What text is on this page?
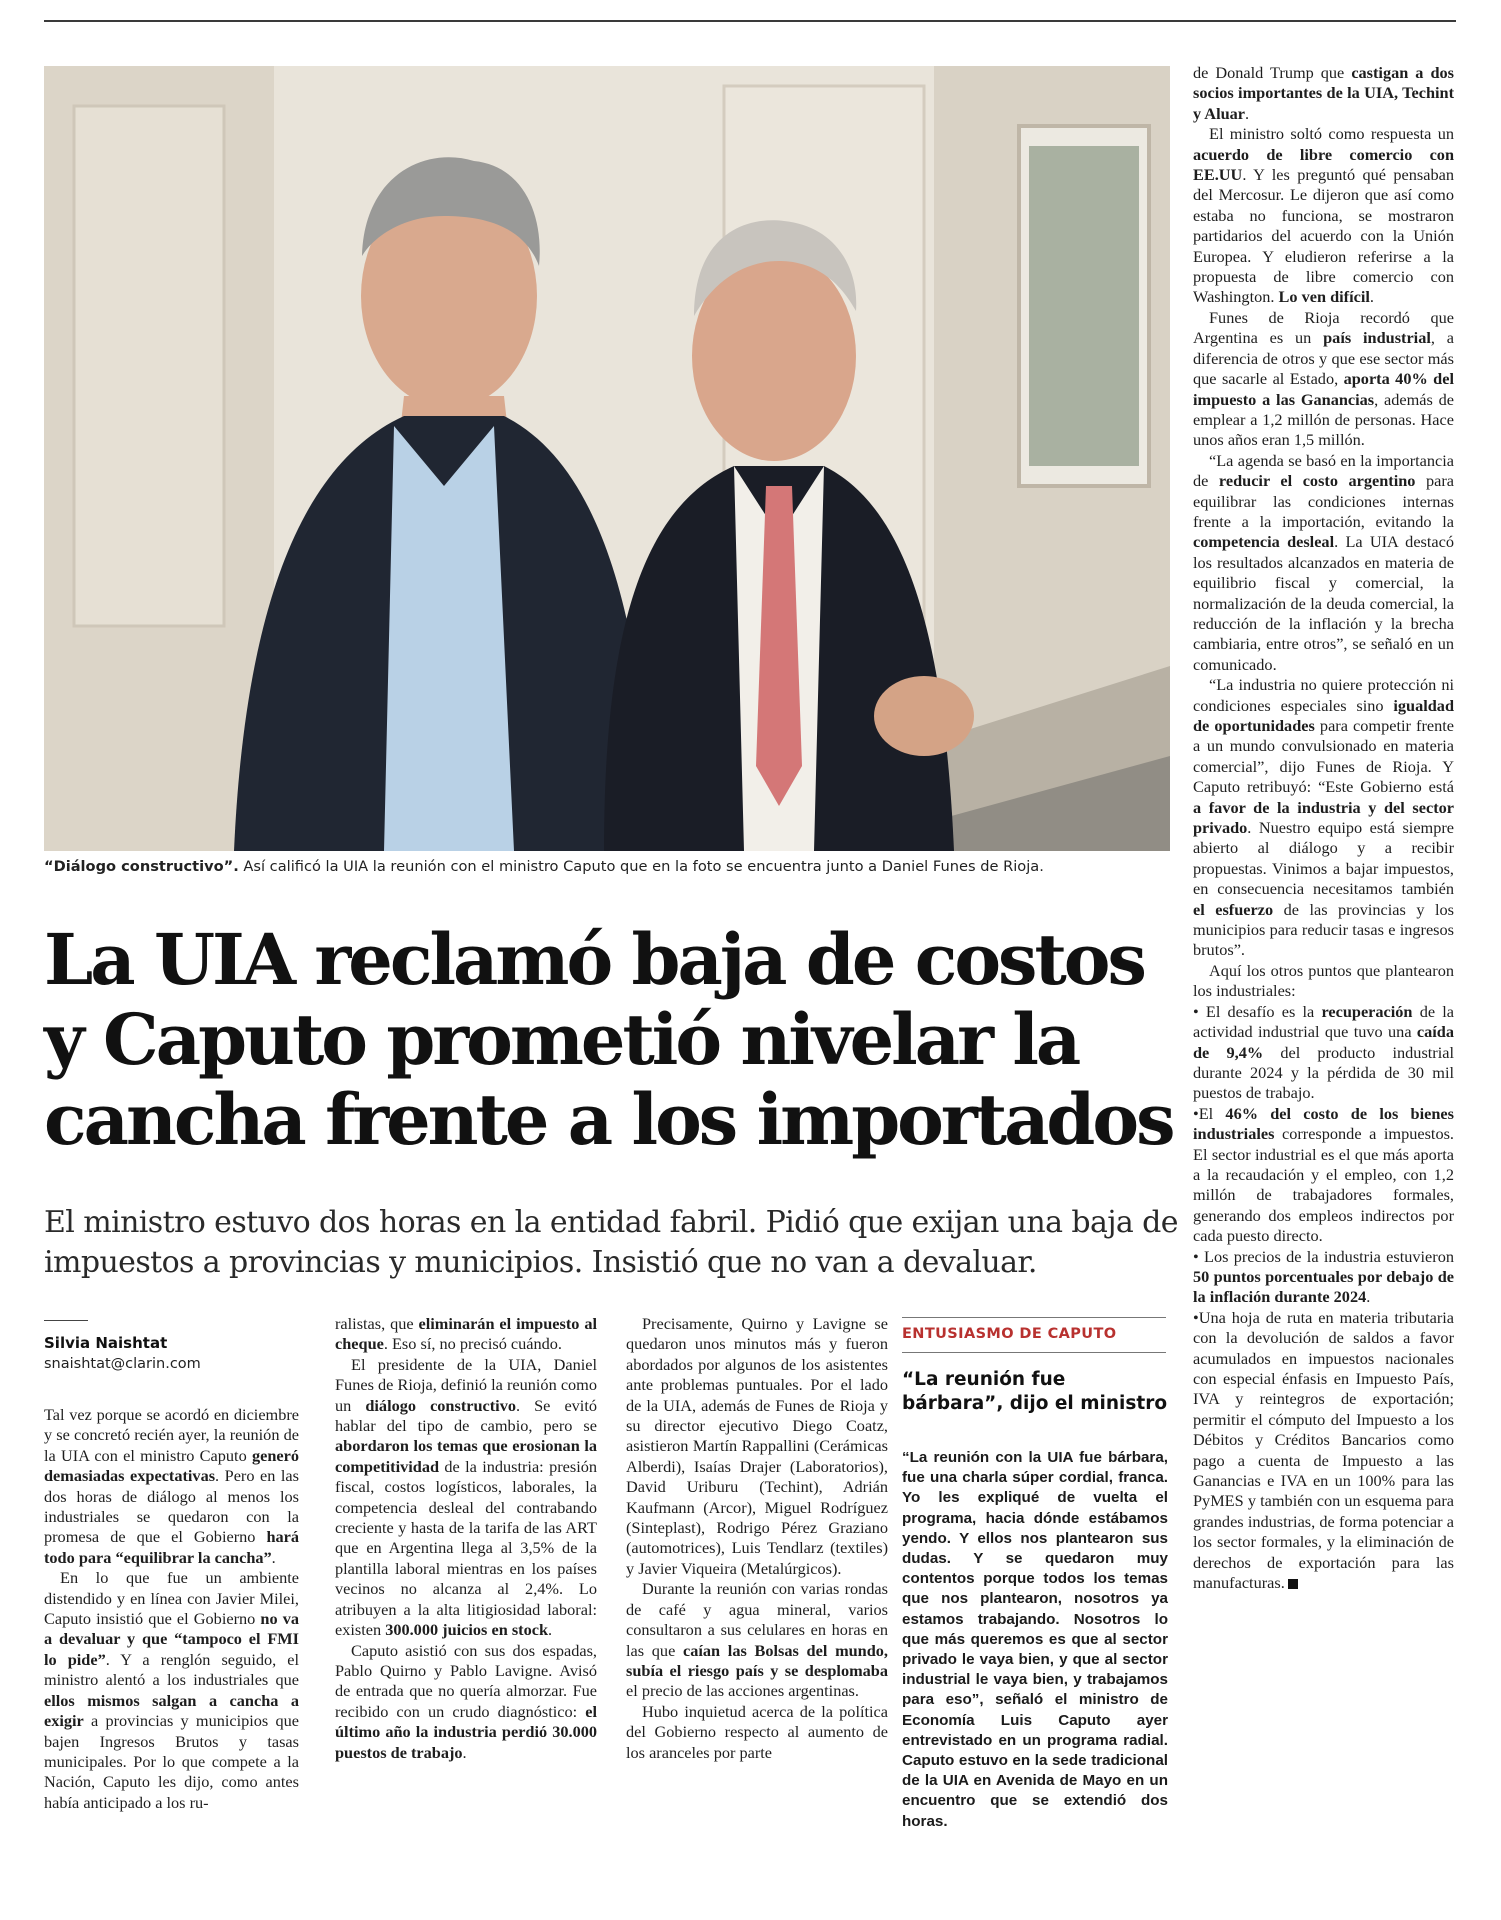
“Diálogo constructivo”. Así calificó la UIA la reunión con el ministro Caputo que en la foto se encuentra junto a Daniel Funes de Rioja.
La UIA reclamó baja de costos
y Caputo prometió nivelar la
cancha frente a los importados
El ministro estuvo dos horas en la entidad fabril. Pidió que exijan una baja de
impuestos a provincias y municipios. Insistió que no van a devaluar.
Silvia Naishtat
snaishtat@clarin.com

Tal vez porque se acordó en diciembre y se concretó recién ayer, la reunión de la UIA con el ministro Caputo generó demasiadas expectativas. Pero en las dos horas de diálogo al menos los industriales se quedaron con la promesa de que el Gobierno hará todo para “equilibrar la cancha”.

En lo que fue un ambiente distendido y en línea con Javier Milei, Caputo insistió que el Gobierno no va a devaluar y que “tampoco el FMI lo pide”. Y a renglón seguido, el ministro alentó a los industriales que ellos mismos salgan a cancha a exigir a provincias y municipios que bajen Ingresos Brutos y tasas municipales. Por lo que compete a la Nación, Caputo les dijo, como antes había anticipado a los ru-

ralistas, que eliminarán el impuesto al cheque. Eso sí, no precisó cuándo.

El presidente de la UIA, Daniel Funes de Rioja, definió la reunión como un diálogo constructivo. Se evitó hablar del tipo de cambio, pero se abordaron los temas que erosionan la competitividad de la industria: presión fiscal, costos logísticos, laborales, la competencia desleal del contrabando creciente y hasta de la tarifa de las ART que en Argentina llega al 3,5% de la plantilla laboral mientras en los países vecinos no alcanza al 2,4%. Lo atribuyen a la alta litigiosidad laboral: existen 300.000 juicios en stock.

Caputo asistió con sus dos espadas, Pablo Quirno y Pablo Lavigne. Avisó de entrada que no quería almorzar. Fue recibido con un crudo diagnóstico: el último año la industria perdió 30.000 puestos de trabajo.

Precisamente, Quirno y Lavigne se quedaron unos minutos más y fueron abordados por algunos de los asistentes ante problemas puntuales. Por el lado de la UIA, además de Funes de Rioja y su director ejecutivo Diego Coatz, asistieron Martín Rappallini (Cerámicas Alberdi), Isaías Drajer (Laboratorios), David Uriburu (Techint), Adrián Kaufmann (Arcor), Miguel Rodríguez (Sinteplast), Rodrigo Pérez Graziano (automotrices), Luis Tendlarz (textiles) y Javier Viqueira (Metalúrgicos).

Durante la reunión con varias rondas de café y agua mineral, varios consultaron a sus celulares en horas en las que caían las Bolsas del mundo, subía el riesgo país y se desplomaba el precio de las acciones argentinas.

Hubo inquietud acerca de la política del Gobierno respecto al aumento de los aranceles por parte

ENTUSIASMO DE CAPUTO
“La reunión fue bárbara”, dijo el ministro

“La reunión con la UIA fue bárbara, fue una charla súper cordial, franca. Yo les expliqué de vuelta el programa, hacia dónde estábamos yendo. Y ellos nos plantearon sus dudas. Y se quedaron muy contentos porque todos los temas que nos plantearon, nosotros ya estamos trabajando. Nosotros lo que más queremos es que al sector privado le vaya bien, y que al sector industrial le vaya bien, y trabajamos para eso”, señaló el ministro de Economía Luis Caputo ayer entrevistado en un programa radial. Caputo estuvo en la sede tradicional de la UIA en Avenida de Mayo en un encuentro que se extendió dos horas.

de Donald Trump que castigan a dos socios importantes de la UIA, Techint y Aluar.

El ministro soltó como respuesta un acuerdo de libre comercio con EE.UU. Y les preguntó qué pensaban del Mercosur. Le dijeron que así como estaba no funciona, se mostraron partidarios del acuerdo con la Unión Europea. Y eludieron referirse a la propuesta de libre comercio con Washington. Lo ven difícil.

Funes de Rioja recordó que Argentina es un país industrial, a diferencia de otros y que ese sector más que sacarle al Estado, aporta 40% del impuesto a las Ganancias, además de emplear a 1,2 millón de personas. Hace unos años eran 1,5 millón.

“La agenda se basó en la importancia de reducir el costo argentino para equilibrar las condiciones internas frente a la importación, evitando la competencia desleal. La UIA destacó los resultados alcanzados en materia de equilibrio fiscal y comercial, la normalización de la deuda comercial, la reducción de la inflación y la brecha cambiaria, entre otros”, se señaló en un comunicado.

“La industria no quiere protección ni condiciones especiales sino igualdad de oportunidades para competir frente a un mundo convulsionado en materia comercial”, dijo Funes de Rioja. Y Caputo retribuyó: “Este Gobierno está a favor de la industria y del sector privado. Nuestro equipo está siempre abierto al diálogo y a recibir propuestas. Vinimos a bajar impuestos, en consecuencia necesitamos también el esfuerzo de las provincias y los municipios para reducir tasas e ingresos brutos”.

Aquí los otros puntos que plantearon los industriales:

• El desafío es la recuperación de la actividad industrial que tuvo una caída de 9,4% del producto industrial durante 2024 y la pérdida de 30 mil puestos de trabajo.

•El 46% del costo de los bienes industriales corresponde a impuestos. El sector industrial es el que más aporta a la recaudación y el empleo, con 1,2 millón de trabajadores formales, generando dos empleos indirectos por cada puesto directo.

• Los precios de la industria estuvieron 50 puntos porcentuales por debajo de la inflación durante 2024.

•Una hoja de ruta en materia tributaria con la devolución de saldos a favor acumulados en impuestos nacionales con especial énfasis en Impuesto País, IVA y reintegros de exportación; permitir el cómputo del Impuesto a los Débitos y Créditos Bancarios como pago a cuenta de Impuesto a las Ganancias e IVA en un 100% para las PyMES y también con un esquema para grandes industrias, de forma potenciar a los sector formales, y la eliminación de derechos de exportación para las manufacturas.
